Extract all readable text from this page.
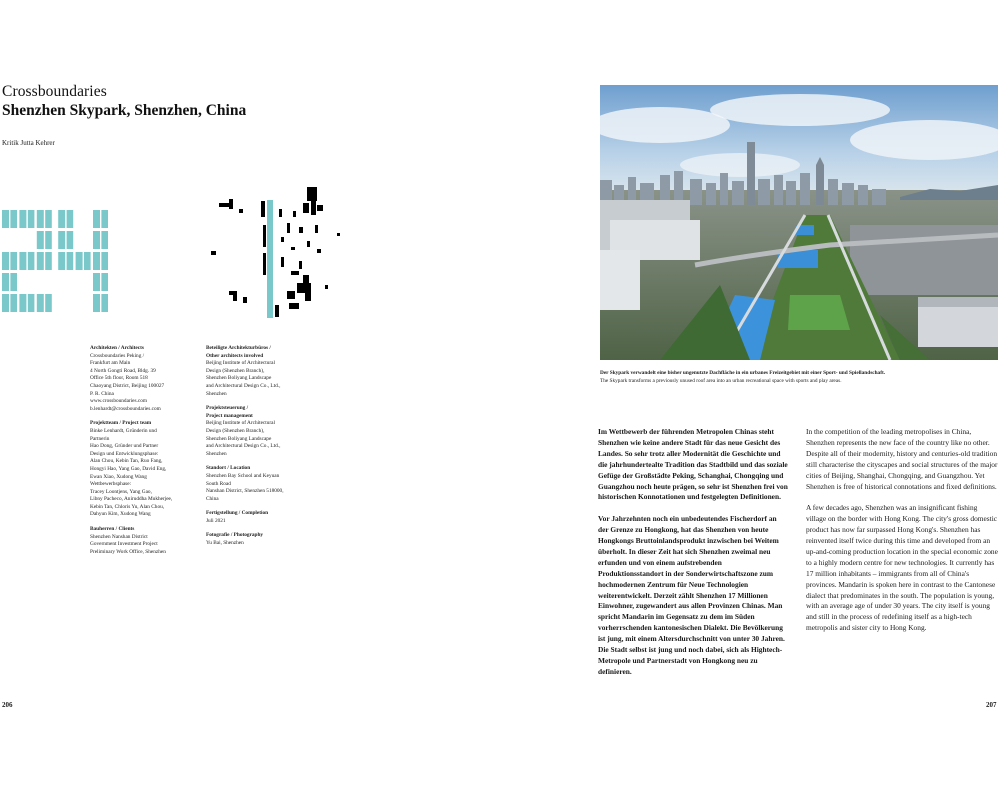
Crossboundaries
Shenzhen Skypark, Shenzhen, China
Kritik Jutta Kehrer
Architekten / Architects
Crossboundaries Peking /
Frankfurt am Main
4 North Gongti Road, Bldg. 39
Office 5th floor, Room 518
Chaoyang District, Beijing 100027
P. R. China
www.crossboundaries.com
b.lenhardt@crossboundaries.com
Projektteam / Project team
Binke Lenhardt, Gründerin und
Partnerin
Hao Dong, Gründer und Partner
Design und Entwicklungsphase:
Alan Chou, Kebin Tan, Ruo Fang,
Hongyi Hao, Yang Gao, David Eng,
Ewan Xiao, Xudong Wang
Wettbewerbsphase:
Tracey Loontjens, Yang Gao,
Libny Pacheco, Aniruddha Mukherjee,
Kebin Tan, Chloris Yu, Alan Chou,
Dahyun Kim, Xudong Wang
Bauherren / Clients
Shenzhen Nanshan District
Government Investment Project
Preliminary Work Office, Shenzhen
Beteiligte Architekturbüros /
Other architects involved
Beijing Institute of Architectural
Design (Shenzhen Branch),
Shenzhen Boliyang Landscape
and Architectural Design Co., Ltd.,
Shenzhen
Projektsteuerung /
Project management
Beijing Institute of Architectural
Design (Shenzhen Branch),
Shenzhen Boliyang Landscape
and Architectural Design Co., Ltd.,
Shenzhen
Standort / Location
Shenzhen Bay School and Keyuan
South Road
Nanshan District, Shenzhen 518000,
China
Fertigstellung / Completion
Juli 2021
Fotografie / Photography
Yu Bai, Shenzhen
206
Der Skypark verwandelt eine bisher ungenutzte Dachfläche in ein urbanes Freizeitgebiet mit einer Sport- und Spiellandschaft.
The Skypark transforms a previously unused roof area into an urban recreational space with sports and play areas.

Im Wettbewerb der führenden Metropolen Chinas steht Shenzhen wie keine andere Stadt für das neue Gesicht des Landes. So sehr trotz aller Modernität die Geschichte und die jahrhundertealte Tradition das Stadtbild und das soziale Gefüge der Großstädte Peking, Schanghai, Chongqing und Guangzhou noch heute prägen, so sehr ist Shenzhen frei von historischen Konnotationen und festgelegten Definitionen.

Vor Jahrzehnten noch ein unbedeutendes Fischerdorf an der Grenze zu Hongkong, hat das Shenzhen von heute Hongkongs Bruttoinlandsprodukt inzwischen bei Weitem überholt. In dieser Zeit hat sich Shenzhen zweimal neu erfunden und von einem aufstrebenden Produktionsstandort in der Sonderwirtschaftszone zum hochmodernen Zentrum für Neue Technologien weiterentwickelt. Derzeit zählt Shenzhen 17 Millionen Einwohner, zugewandert aus allen Provinzen Chinas. Man spricht Mandarin im Gegensatz zu dem im Süden vorherrschenden kantonesischen Dialekt. Die Bevölkerung ist jung, mit einem Altersdurchschnitt von unter 30 Jahren. Die Stadt selbst ist jung und noch dabei, sich als Hightech-Metropole und Partnerstadt von Hongkong neu zu definieren.

In the competition of the leading metropolises in China, Shenzhen represents the new face of the country like no other. Despite all of their modernity, history and centuries-old tradition still characterise the cityscapes and social structures of the major cities of Beijing, Shanghai, Chongqing, and Guangzhou. Yet Shenzhen is free of historical connotations and fixed definitions.

A few decades ago, Shenzhen was an insignificant fishing village on the border with Hong Kong. The city's gross domestic product has now far surpassed Hong Kong's. Shenzhen has reinvented itself twice during this time and developed from an up-and-coming production location in the special economic zone to a highly modern centre for new technologies. It currently has 17 million inhabitants – immigrants from all of China's provinces. Mandarin is spoken here in contrast to the Cantonese dialect that predominates in the south. The population is young, with an average age of under 30 years. The city itself is young and still in the process of redefining itself as a high-tech metropolis and sister city to Hong Kong.

207
